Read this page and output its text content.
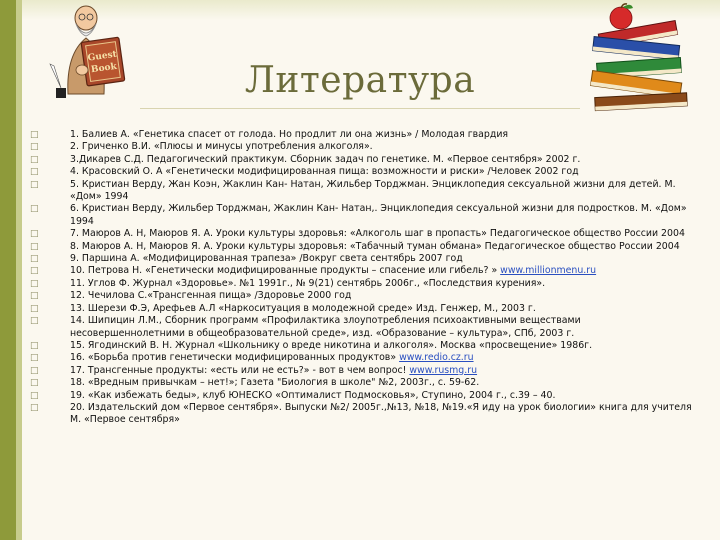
Guest
Book	Литература
□	1. Балиев А. «Генетика спасет от голода. Но продлит ли она жизнь» / Молодая гвардия
□	2. Гриченко В.И. «Плюсы и минусы употребления алкоголя».
□	3.Дикарев С.Д. Педагогический практикум. Сборник задач по генетике. М. «Первое сентября» 2002 г.
□	4. Красовский О. А «Генетически модифицированная пища: возможности и риски» /Человек 2002 год
□	5. Кристиан Верду, Жан Коэн, Жаклин Кан- Натан, Жильбер Торджман. Энциклопедия сексуальной жизни для детей. М. «Дом» 1994
□	6. Кристиан Верду, Жильбер Торджман, Жаклин Кан- Натан,. Энциклопедия сексуальной жизни для подростков. М. «Дом» 1994
□	7. Маюров А. Н, Маюров Я. А. Уроки культуры здоровья: «Алкоголь шаг в пропасть» Педагогическое общество России 2004
□	8. Маюров А. Н, Маюров Я. А. Уроки культуры здоровья: «Табачный туман обмана» Педагогическое общество России 2004
□	9. Паршина А. «Модифицированная трапеза» /Вокруг света сентябрь 2007 год
□	10. Петрова Н. «Генетически модифицированные продукты – спасение или гибель? » www.millionmenu.ru
□	11. Углов Ф. Журнал «Здоровье». №1 1991г., № 9(21) сентябрь 2006г., «Последствия курения».
□	12. Чечилова С.«Трансгенная пища» /Здоровье 2000 год
□	13. Шерези Ф.Э, Арефьев А.Л «Наркоситуация в молодежной среде» Изд. Генжер, М., 2003 г.
□	14. Шипицин Л.М., Сборник программ «Профилактика злоупотребления психоактивными веществами несовершеннолетними в общеобразовательной среде», изд. «Образование – культура», СПб, 2003 г.
□	15. Ягодинский В. Н. Журнал «Школьнику о вреде никотина и алкоголя». Москва «просвещение» 1986г.
□	16. «Борьба против генетически модифицированных продуктов» www.redio.cz.ru
□	17. Трансгенные продукты: «есть или не есть?» - вот в чем вопрос! www.rusmg.ru
□	18. «Вредным привычкам – нет!»; Газета "Биология в школе" №2, 2003г., с. 59-62.
□	19. «Как избежать беды», клуб ЮНЕСКО «Оптималист Подмосковья», Ступино, 2004 г., с.39 – 40.
□	20. Издательский дом «Первое сентября». Выпуски №2/ 2005г.,№13, №18, №19.«Я иду на урок биологии» книга для учителя М. «Первое сентября»
